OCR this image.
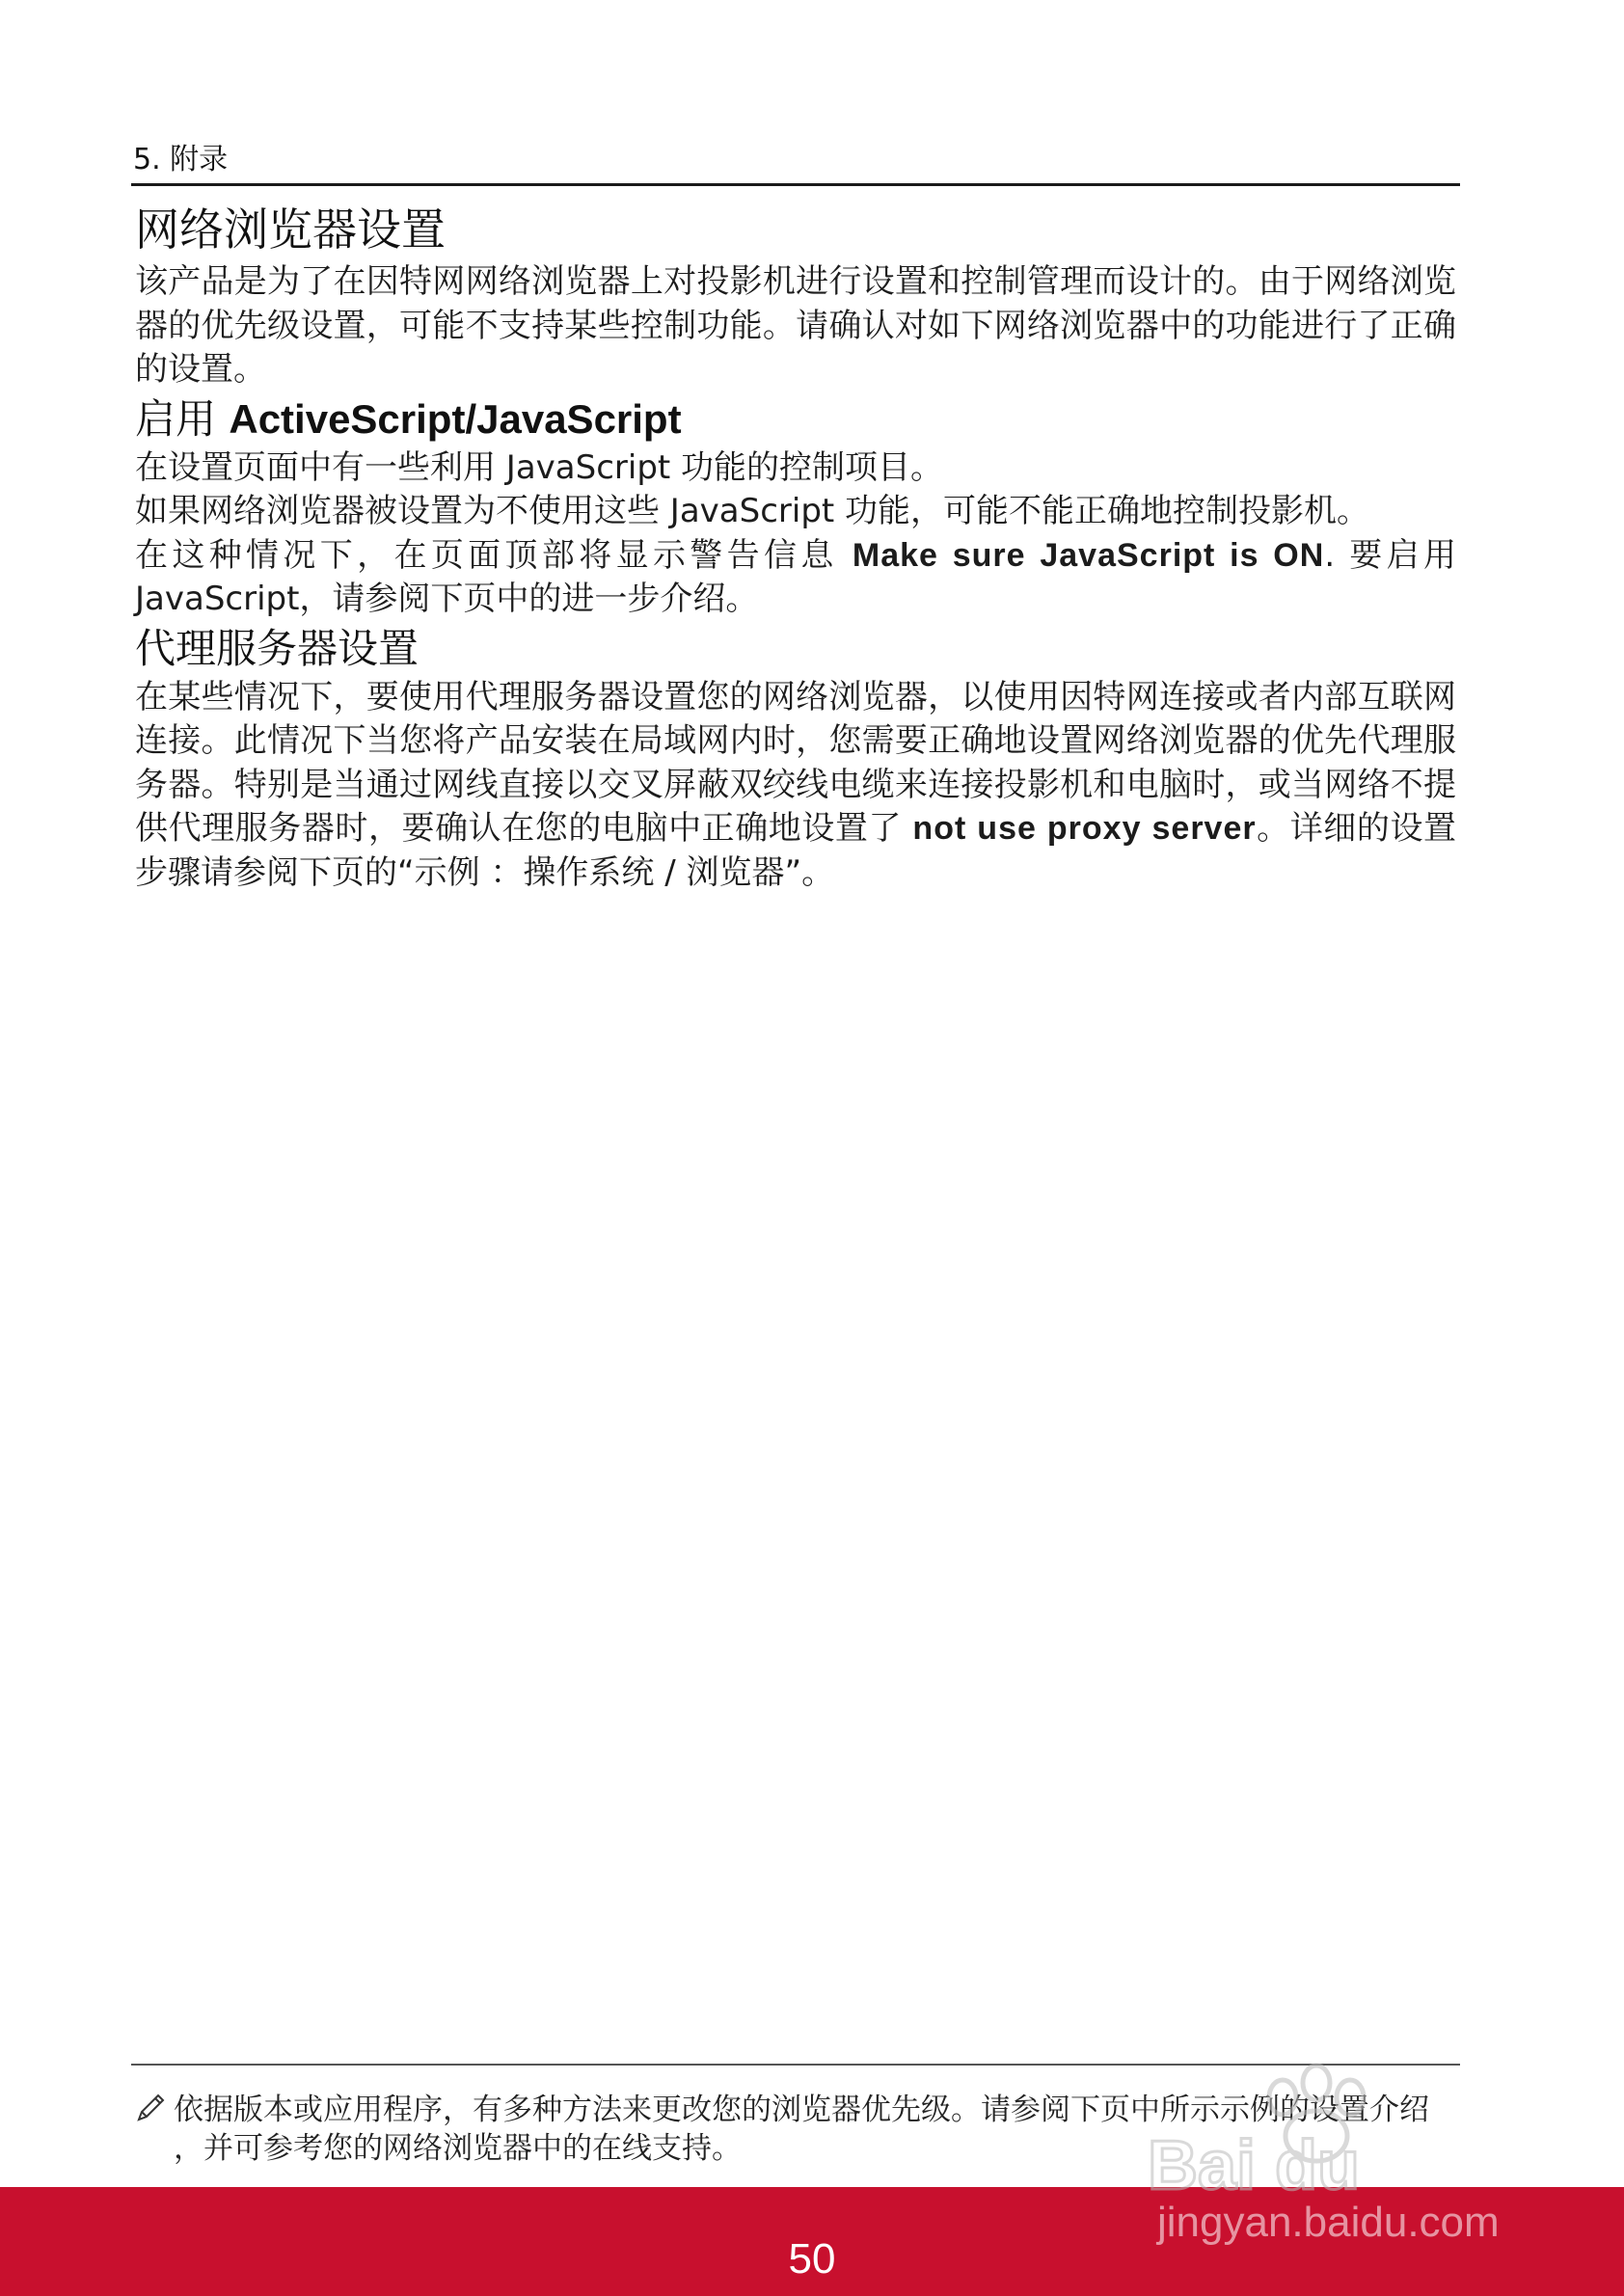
5. 附录
网络浏览器设置

该产品是为了在因特网网络浏览器上对投影机进行设置和控制管理而设计的。由于网络浏览器的优先级设置，可能不支持某些控制功能。请确认对如下网络浏览器中的功能进行了正确的设置。

启用 ActiveScript/JavaScript

在设置页面中有一些利用 JavaScript 功能的控制项目。
如果网络浏览器被设置为不使用这些 JavaScript 功能，可能不能正确地控制投影机。
在这种情况下，在页面顶部将显示警告信息 Make sure JavaScript is ON. 要启用 JavaScript，请参阅下页中的进一步介绍。

代理服务器设置

在某些情况下，要使用代理服务器设置您的网络浏览器，以使用因特网连接或者内部互联网连接。此情况下当您将产品安装在局域网内时，您需要正确地设置网络浏览器的优先代理服务器。特别是当通过网线直接以交叉屏蔽双绞线电缆来连接投影机和电脑时，或当网络不提供代理服务器时，要确认在您的电脑中正确地设置了 not use proxy server。详细的设置步骤请参阅下页的“示例 ：操作系统 / 浏览器”。

依据版本或应用程序，有多种方法来更改您的浏览器优先级。请参阅下页中所示示例的设置介绍 ，并可参考您的网络浏览器中的在线支持。
50
Bai du
jingyan.baidu.com
